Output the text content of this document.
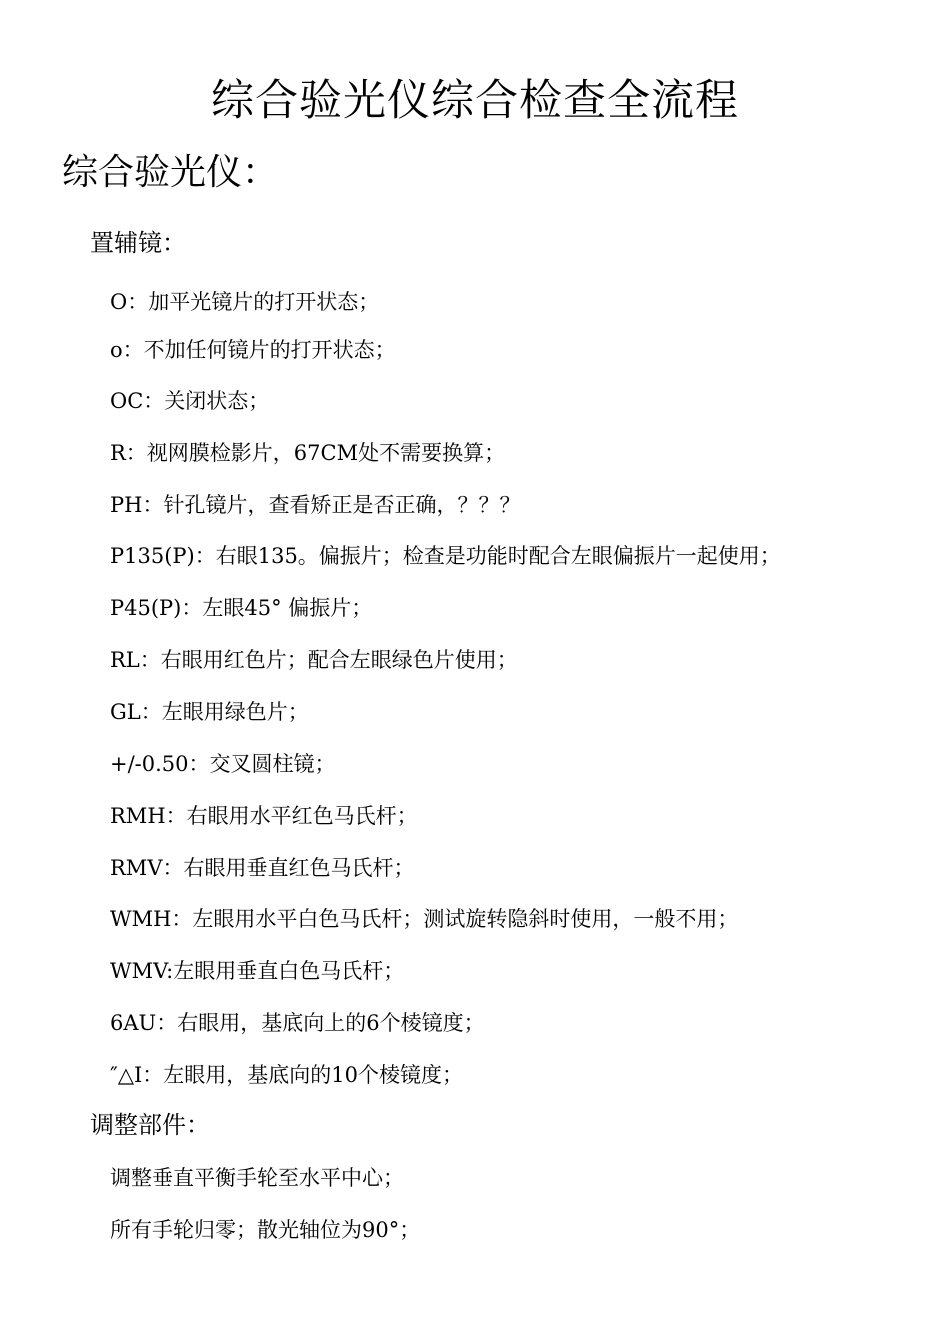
综合验光仪综合检查全流程
综合验光仪：
置辅镜：

O：加平光镜片的打开状态；

o：不加任何镜片的打开状态；

OC：关闭状态；

R：视网膜检影片，67CM处不需要换算；

PH：针孔镜片，查看矫正是否正确，？？？

P135(P)：右眼135。偏振片；检查是功能时配合左眼偏振片一起使用；

P45(P)：左眼45° 偏振片；

RL：右眼用红色片；配合左眼绿色片使用；

GL：左眼用绿色片；

+/-0.50：交叉圆柱镜；

RMH：右眼用水平红色马氏杆；

RMV：右眼用垂直红色马氏杆；

WMH：左眼用水平白色马氏杆；测试旋转隐斜时使用，一般不用；

WMV:左眼用垂直白色马氏杆；

6AU：右眼用，基底向上的6个棱镜度；

″△I：左眼用，基底向的10个棱镜度；

调整部件：

调整垂直平衡手轮至水平中心；

所有手轮归零；散光轴位为90°；
